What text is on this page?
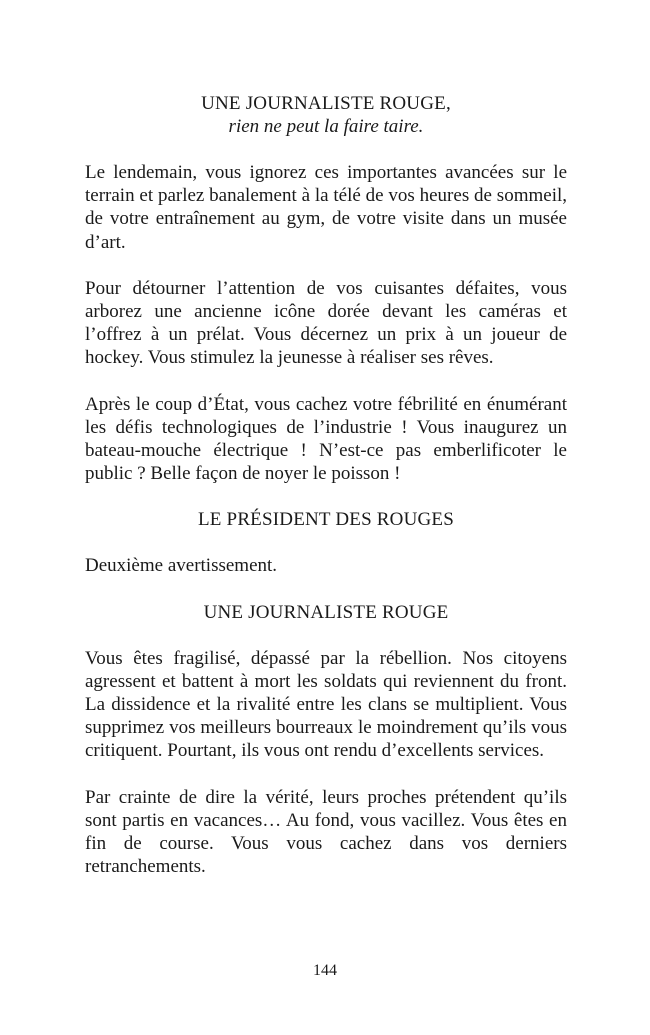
UNE JOURNALISTE ROUGE,
rien ne peut la faire taire.

Le lendemain, vous ignorez ces importantes avancées sur le terrain et parlez banalement à la télé de vos heures de sommeil, de votre entraînement au gym, de votre visite dans un musée d’art.

Pour détourner l’attention de vos cuisantes défaites, vous arborez une ancienne icône dorée devant les caméras et l’offrez à un prélat. Vous décernez un prix à un joueur de hockey. Vous stimulez la jeunesse à réaliser ses rêves.

Après le coup d’État, vous cachez votre fébrilité en énumérant les défis technologiques de l’industrie ! Vous inaugurez un bateau-mouche électrique ! N’est-ce pas emberlificoter le public ? Belle façon de noyer le poisson !

LE PRÉSIDENT DES ROUGES

Deuxième avertissement.

UNE JOURNALISTE ROUGE

Vous êtes fragilisé, dépassé par la rébellion. Nos citoyens agressent et battent à mort les soldats qui reviennent du front. La dissidence et la rivalité entre les clans se multiplient. Vous supprimez vos meilleurs bourreaux le moindrement qu’ils vous critiquent. Pourtant, ils vous ont rendu d’excellents services.

Par crainte de dire la vérité, leurs proches prétendent qu’ils sont partis en vacances… Au fond, vous vacillez. Vous êtes en fin de course. Vous vous cachez dans vos derniers retranchements.

144
